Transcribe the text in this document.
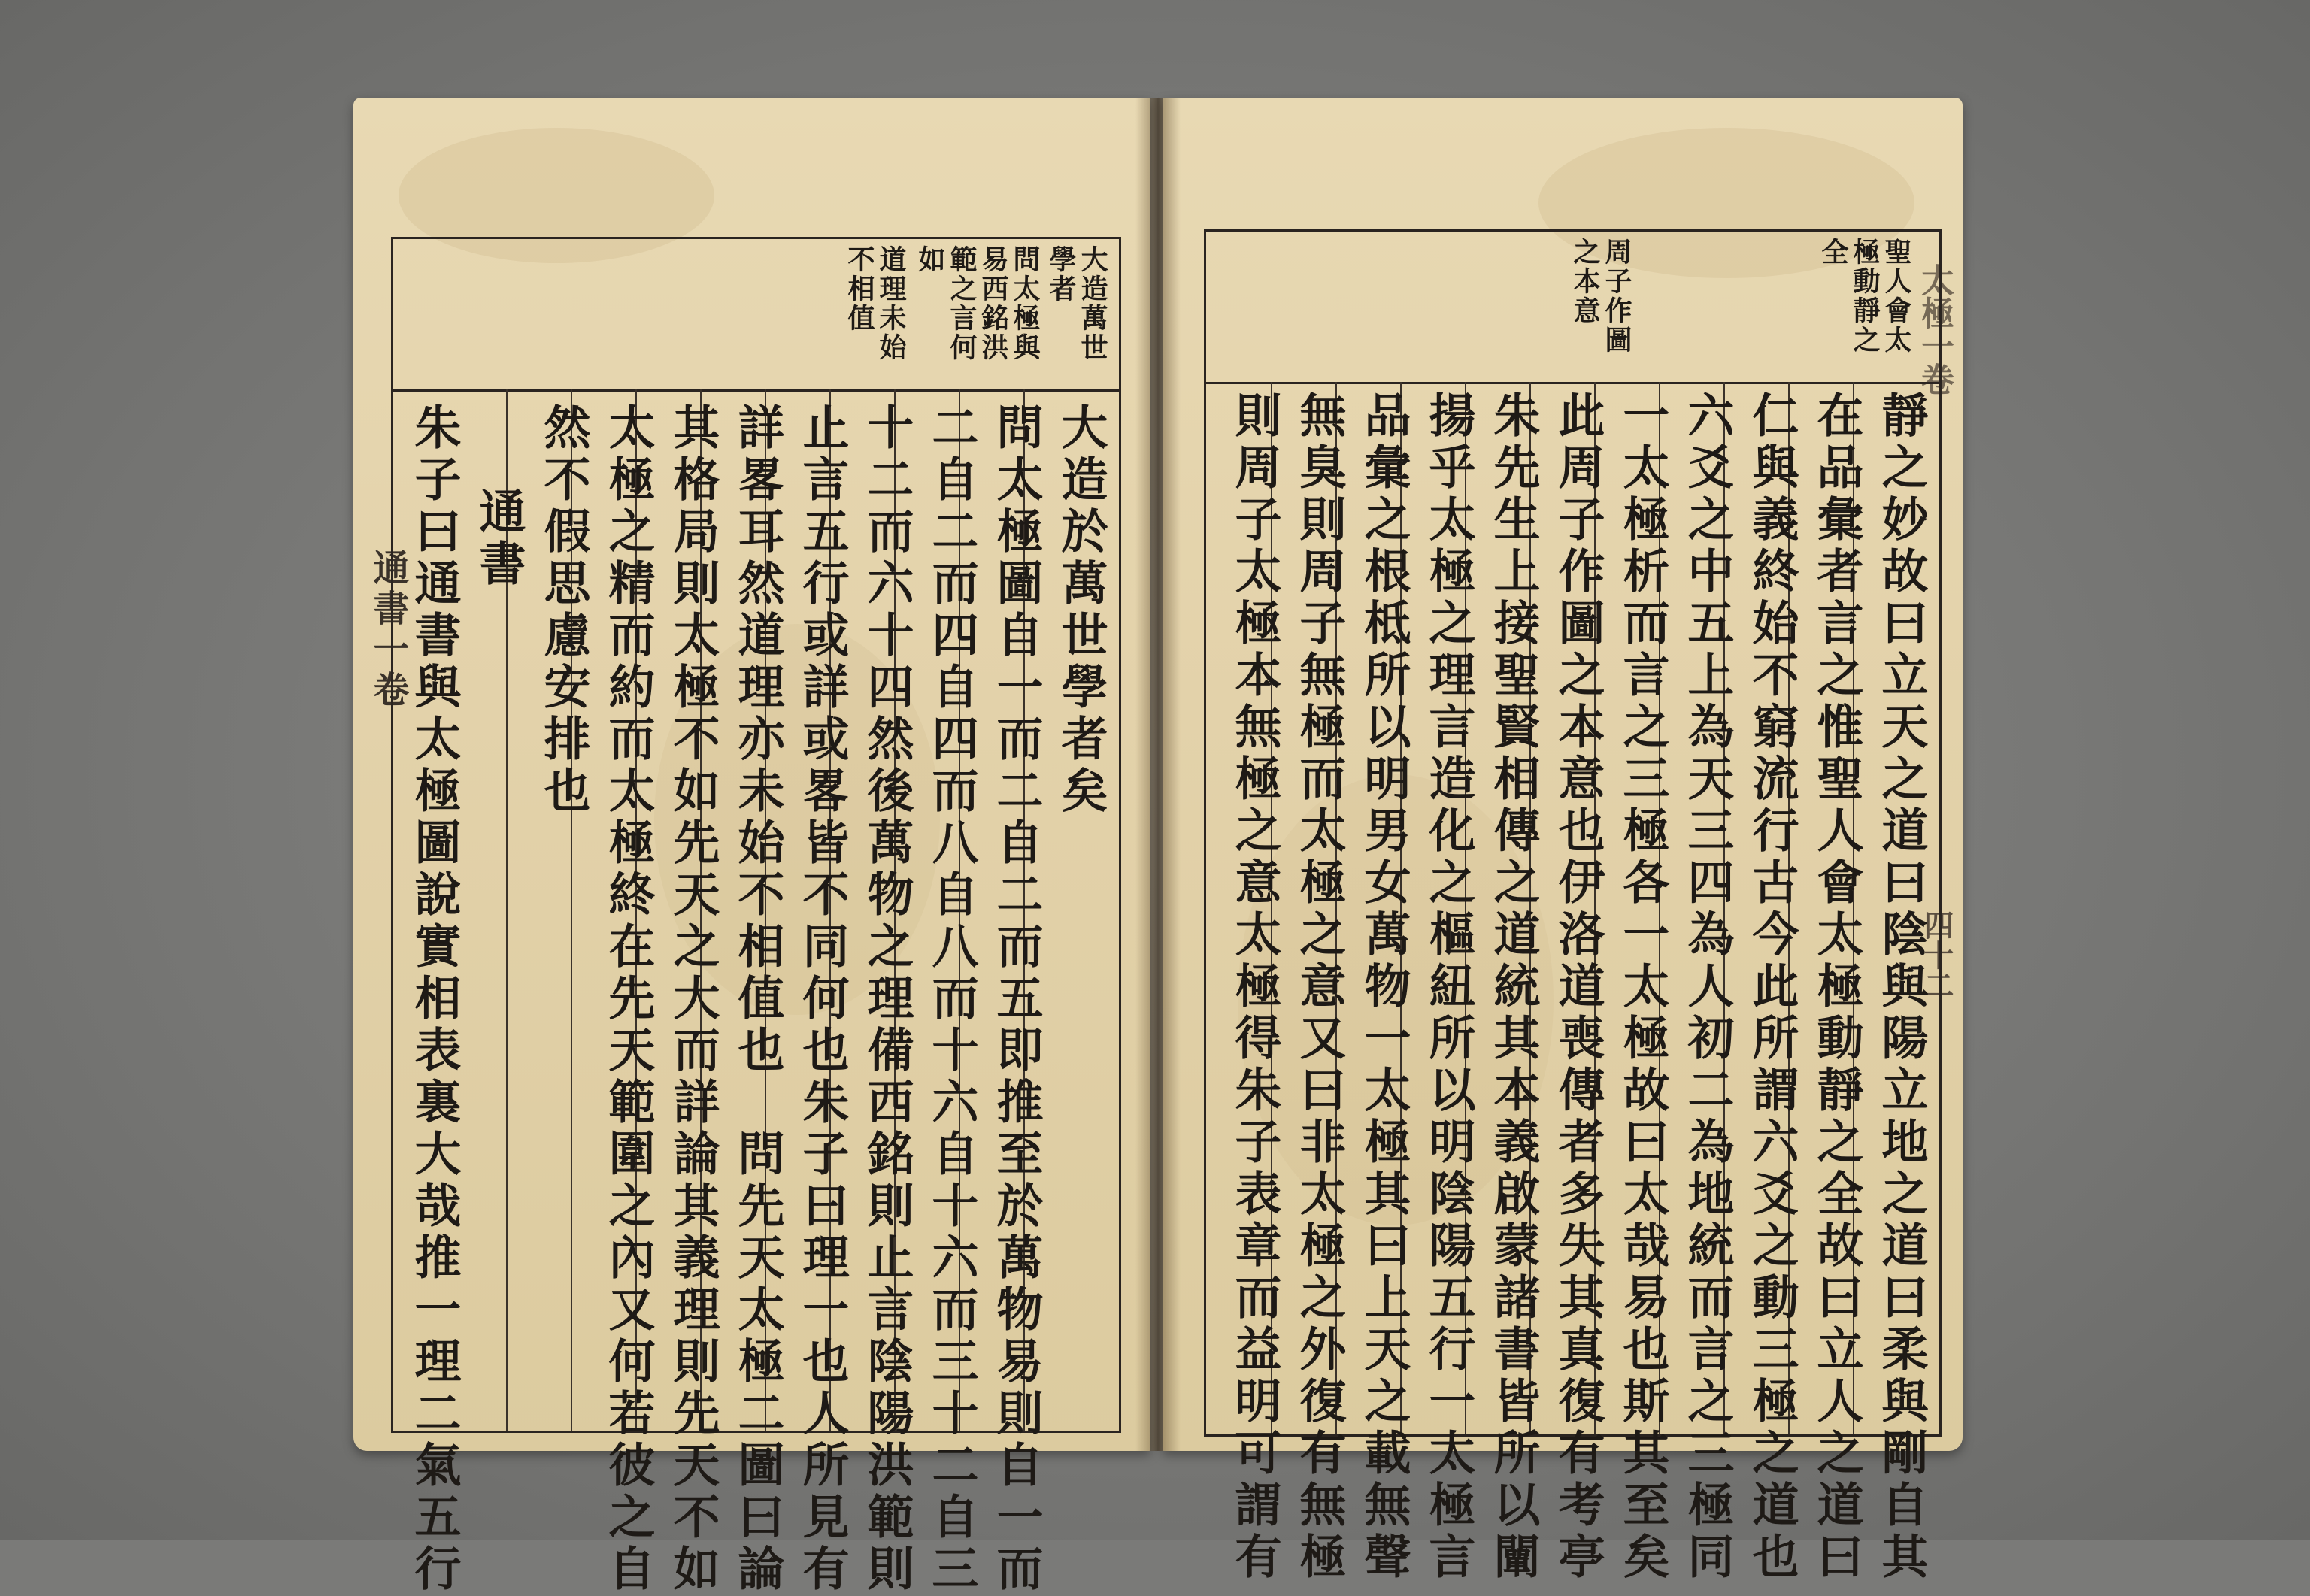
通書一卷
大造萬世學者
問太極與易西銘洪範之言何如
道理未始不相值
大造於萬世學者矣
問太極圖自一而二自二而五即推至於萬物易則自一而
二自二而四自四而八自八而十六自十六而三十二自三
十二而六十四然後萬物之理備西銘則止言陰陽洪範則
止言五行或詳或畧皆不同何也朱子曰理一也人所見有
詳畧耳然道理亦未始不相值也　問先天太極二圖曰論
其格局則太極不如先天之大而詳論其義理則先天不如
太極之精而約而太極終在先天範圍之內又何若彼之自
然不假思慮安排也
通書
朱子曰通書與太極圖說實相表裏大哉推一理二氣五行
太極一卷
四十二
聖人會太極動靜之全
周子作圖之本意
靜之妙故曰立天之道曰陰與陽立地之道曰柔與剛自其
在品彙者言之惟聖人會太極動靜之全故曰立人之道曰
仁與義終始不窮流行古今此所謂六爻之動三極之道也
六爻之中五上為天三四為人初二為地統而言之三極同
一太極析而言之三極各一太極故曰太哉易也斯其至矣
此周子作圖之本意也伊洛道喪傳者多失其真復有考亭
朱先生上接聖賢相傳之道統其本義啟蒙諸書皆所以闡
揚乎太極之理言造化之樞紐所以明陰陽五行一太極言
品彙之根柢所以明男女萬物一太極其曰上天之載無聲
無臭則周子無極而太極之意又曰非太極之外復有無極
則周子太極本無極之意太極得朱子表章而益明可謂有
